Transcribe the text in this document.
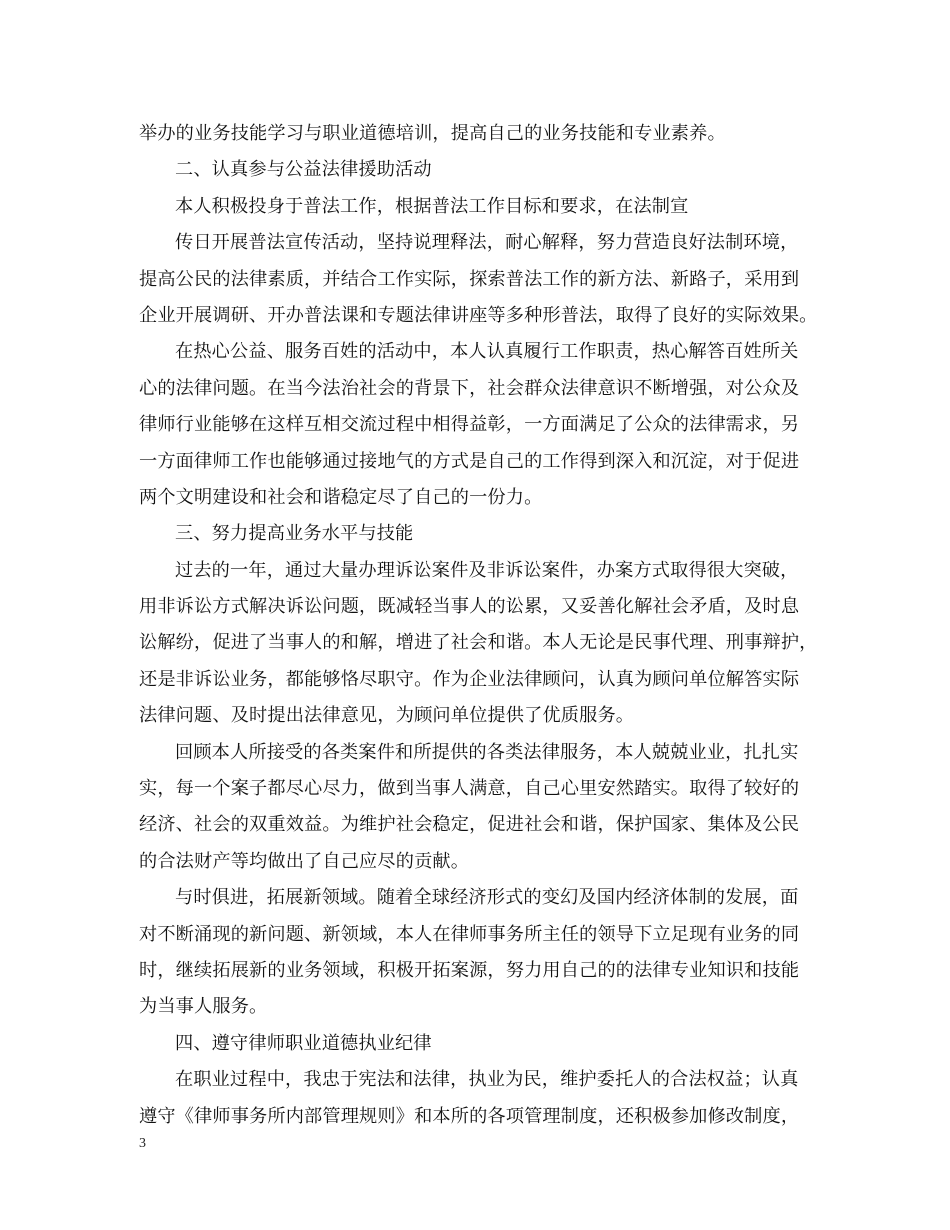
举办的业务技能学习与职业道德培训，提高自己的业务技能和专业素养。
二、认真参与公益法律援助活动
本人积极投身于普法工作，根据普法工作目标和要求，在法制宣
传日开展普法宣传活动，坚持说理释法，耐心解释，努力营造良好法制环境，
提高公民的法律素质，并结合工作实际，探索普法工作的新方法、新路子，采用到
企业开展调研、开办普法课和专题法律讲座等多种形普法，取得了良好的实际效果。
在热心公益、服务百姓的活动中，本人认真履行工作职责，热心解答百姓所关
心的法律问题。在当今法治社会的背景下，社会群众法律意识不断增强，对公众及
律师行业能够在这样互相交流过程中相得益彰，一方面满足了公众的法律需求，另
一方面律师工作也能够通过接地气的方式是自己的工作得到深入和沉淀，对于促进
两个文明建设和社会和谐稳定尽了自己的一份力。
三、努力提高业务水平与技能
过去的一年，通过大量办理诉讼案件及非诉讼案件，办案方式取得很大突破，
用非诉讼方式解决诉讼问题，既减轻当事人的讼累，又妥善化解社会矛盾，及时息
讼解纷，促进了当事人的和解，增进了社会和谐。本人无论是民事代理、刑事辩护，
还是非诉讼业务，都能够恪尽职守。作为企业法律顾问，认真为顾问单位解答实际
法律问题、及时提出法律意见，为顾问单位提供了优质服务。
回顾本人所接受的各类案件和所提供的各类法律服务，本人兢兢业业，扎扎实
实，每一个案子都尽心尽力，做到当事人满意，自己心里安然踏实。取得了较好的
经济、社会的双重效益。为维护社会稳定，促进社会和谐，保护国家、集体及公民
的合法财产等均做出了自己应尽的贡献。
与时俱进，拓展新领域。随着全球经济形式的变幻及国内经济体制的发展，面
对不断涌现的新问题、新领域，本人在律师事务所主任的领导下立足现有业务的同
时，继续拓展新的业务领域，积极开拓案源，努力用自己的的法律专业知识和技能
为当事人服务。
四、遵守律师职业道德执业纪律
在职业过程中，我忠于宪法和法律，执业为民，维护委托人的合法权益；认真
遵守《律师事务所内部管理规则》和本所的各项管理制度，还积极参加修改制度，
3
